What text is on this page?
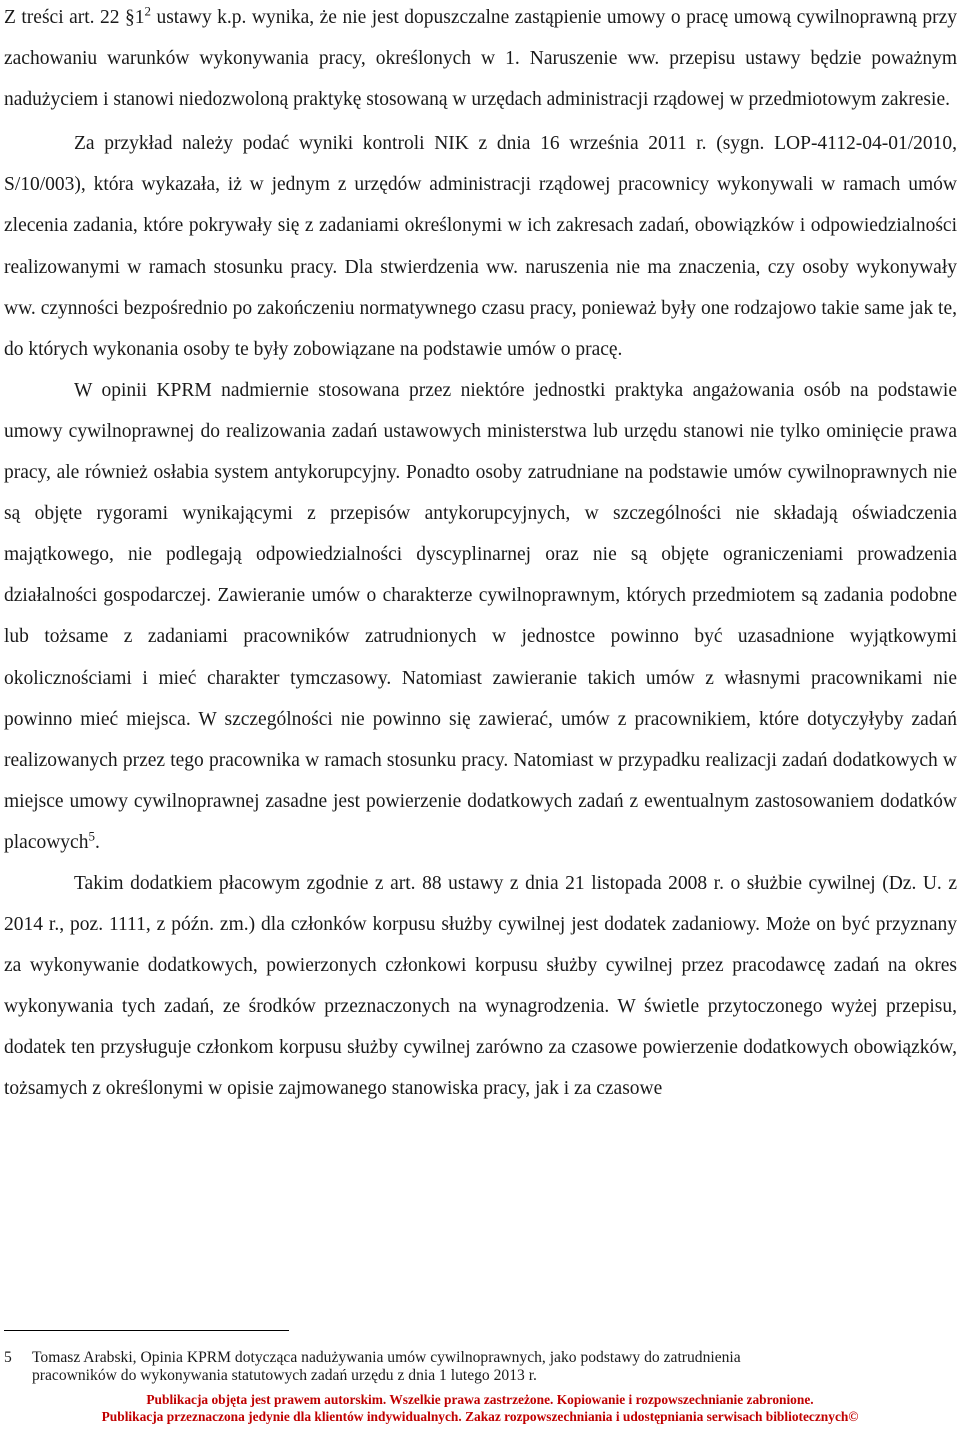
Z treści art. 22 $\S 1^2$ ustawy k.p. wynika, że nie jest dopuszczalne zastąpienie umowy o pracę umową cywilnoprawną przy zachowaniu warunków wykonywania pracy, określonych w 1. Naruszenie ww. przepisu ustawy będzie poważnym nadużyciem i stanowi niedozwoloną praktykę stosowaną w urzędach administracji rządowej w przedmiotowym zakresie.

Za przykład należy podać wyniki kontroli NIK z dnia 16 września 2011 r. (sygn. LOP-4112-04-01/2010, S/10/003), która wykazała, iż w jednym z urzędów administracji rządowej pracownicy wykonywali w ramach umów zlecenia zadania, które pokrywały się z zadaniami określonymi w ich zakresach zadań, obowiązków i odpowiedzialności realizowanymi w ramach stosunku pracy. Dla stwierdzenia ww. naruszenia nie ma znaczenia, czy osoby wykonywały ww. czynności bezpośrednio po zakończeniu normatywnego czasu pracy, ponieważ były one rodzajowo takie same jak te, do których wykonania osoby te były zobowiązane na podstawie umów o pracę.

W opinii KPRM nadmiernie stosowana przez niektóre jednostki praktyka angażowania osób na podstawie umowy cywilnoprawnej do realizowania zadań ustawowych ministerstwa lub urzędu stanowi nie tylko ominięcie prawa pracy, ale również osłabia system antykorupcyjny. Ponadto osoby zatrudniane na podstawie umów cywilnoprawnych nie są objęte rygorami wynikającymi z przepisów antykorupcyjnych, w szczególności nie składają oświadczenia majątkowego, nie podlegają odpowiedzialności dyscyplinarnej oraz nie są objęte ograniczeniami prowadzenia działalności gospodarczej. Zawieranie umów o charakterze cywilnoprawnym, których przedmiotem są zadania podobne lub tożsame z zadaniami pracowników zatrudnionych w jednostce powinno być uzasadnione wyjątkowymi okolicznościami i mieć charakter tymczasowy. Natomiast zawieranie takich umów z własnymi pracownikami nie powinno mieć miejsca. W szczególności nie powinno się zawierać, umów z pracownikiem, które dotyczyłyby zadań realizowanych przez tego pracownika w ramach stosunku pracy. Natomiast w przypadku realizacji zadań dodatkowych w miejsce umowy cywilnoprawnej zasadne jest powierzenie dodatkowych zadań z ewentualnym zastosowaniem dodatków placowych$^5$.

Takim dodatkiem płacowym zgodnie z art. 88 ustawy z dnia 21 listopada 2008 r. o służbie cywilnej (Dz. U. z 2014 r., poz. 1111, z późn. zm.) dla członków korpusu służby cywilnej jest dodatek zadaniowy. Może on być przyznany za wykonywanie dodatkowych, powierzonych członkowi korpusu służby cywilnej przez pracodawcę zadań na okres wykonywania tych zadań, ze środków przeznaczonych na wynagrodzenia. W świetle przytoczonego wyżej przepisu, dodatek ten przysługuje członkom korpusu służby cywilnej zarówno za czasowe powierzenie dodatkowych obowiązków, tożsamych z określonymi w opisie zajmowanego stanowiska pracy, jak i za czasowe

5 Tomasz Arabski, Opinia KPRM dotycząca nadużywania umów cywilnoprawnych, jako podstawy do zatrudnienia
pracowników do wykonywania statutowych zadań urzędu z dnia 1 lutego 2013 r.
Publikacja objęta jest prawem autorskim. Wszelkie prawa zastrzeżone. Kopiowanie i rozpowszechnianie zabronione.
Publikacja przeznaczona jedynie dla klientów indywidualnych. Zakaz rozpowszechniania i udostępniania serwisach bibliotecznych©
